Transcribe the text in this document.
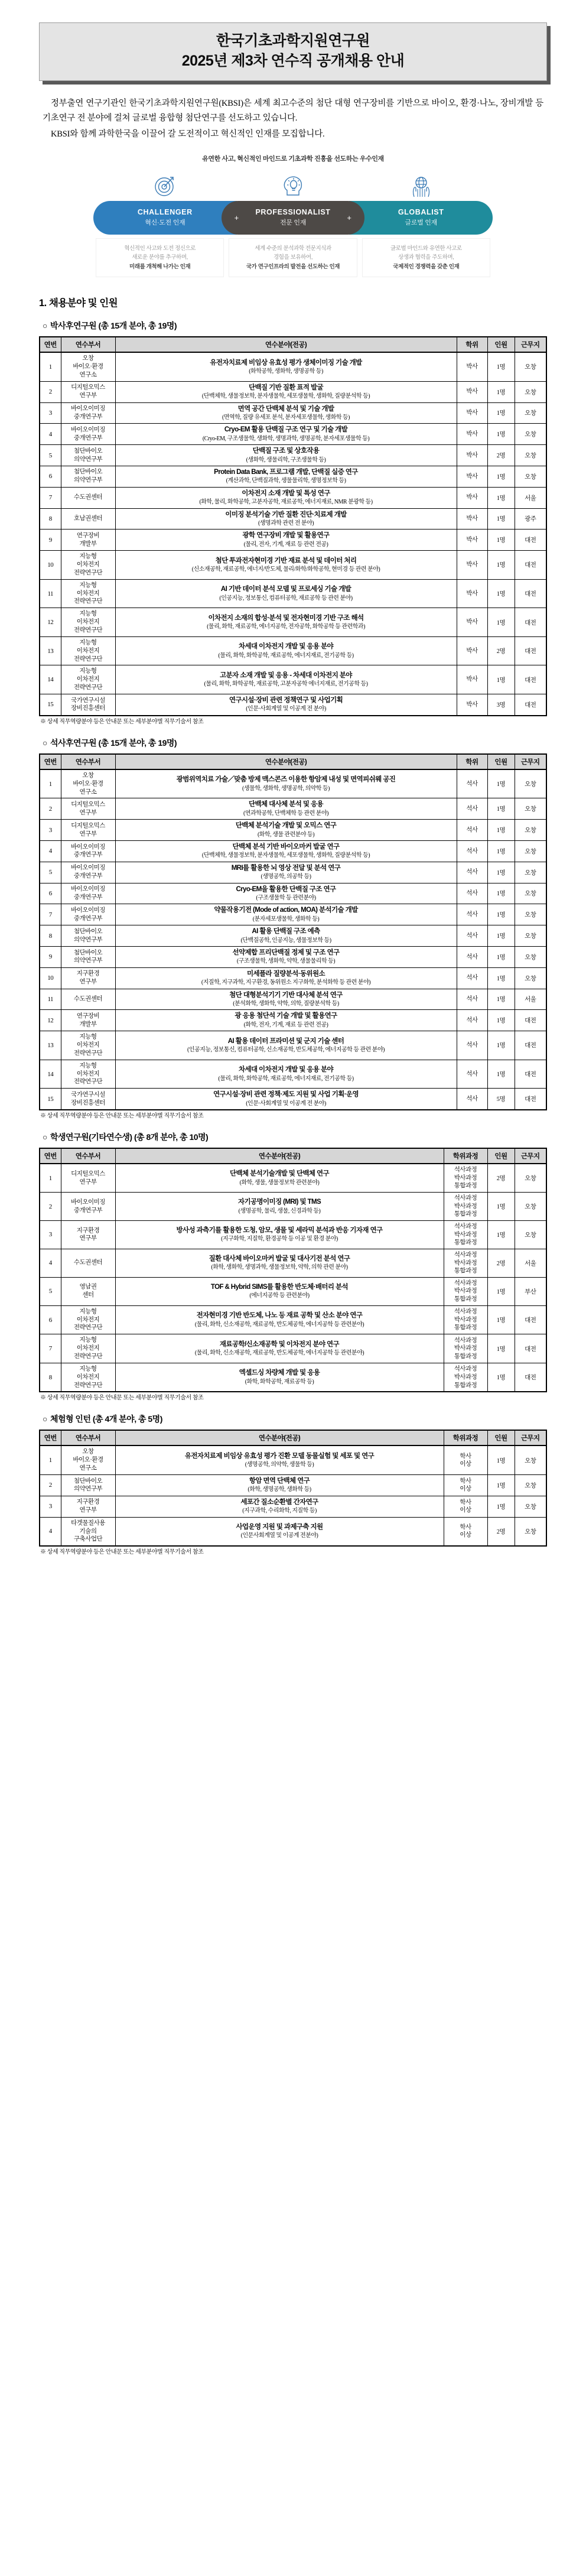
한국기초과학지원연구원
2025년 제3차 연수직 공개채용 안내

정부출연 연구기관인 한국기초과학지원연구원(KBSI)은 세계 최고수준의 첨단 대형 연구장비를 기반으로 바이오, 환경·나노, 장비개발 등 기초연구 전 분야에 걸쳐 글로벌 융합형 첨단연구를 선도하고 있습니다.

KBSI와 함께 과학한국을 이끌어 갈 도전적이고 혁신적인 인재를 모집합니다.

유연한 사고, 혁신적인 마인드로 기초과학 진흥을 선도하는 우수인재
CHALLENGER
혁신·도전 인재
+
PROFESSIONALIST
전문 인재
+
GLOBALIST
글로벌 인재
혁신적인 사고와 도전 정신으로
새로운 분야를 추구하며,
미래를 개척해 나가는 인재
세계 수준의 분석과학 전문지식과
경험을 보유하여,
국가 연구인프라의 발전을 선도하는 인재
글로벌 마인드와 유연한 사고로
상생과 협력을 주도하며,
국제적인 경쟁력을 갖춘 인재
1. 채용분야 및 인원
○ 박사후연구원 (총 15개 분야, 총 19명)
연번	연수부서	연수분야(전공)	학위	인원	근무지
1	오창
바이오·환경
연구소	
유전자치료제 비임상 유효성 평가 생체이미징 기술 개발
(화학공학, 생화학, 생명공학 등)
	박사	1명	오창
2	디지털오믹스
연구부	
단백질 기반 질환 표적 발굴
(단백체학, 생물정보학, 분자생물학, 세포생물학, 생화학, 질량분석학 등)
	박사	1명	오창
3	바이오이미징
중개연구부	
면역 공간 단백체 분석 및 기술 개발
(면역학, 질량 유세포 분석, 분자세포생물학, 생화학 등)
	박사	1명	오창
4	바이오이미징
중개연구부	
Cryo-EM 활용 단백질 구조 연구 및 기술 개발
(Cryo-EM, 구조생물학, 생화학, 생명과학, 생명공학, 분자세포생물학 등)
	박사	1명	오창
5	첨단바이오
의약연구부	
단백질 구조 및 상호작용
(생화학, 생물리학, 구조생물학 등)
	박사	2명	오창
6	첨단바이오
의약연구부	
Protein Data Bank, 프로그램 개발, 단백질 실증 연구
(계산과학, 단백질과학, 생물물리학, 생명정보학 등)
	박사	1명	오창
7	수도권센터	이차전지 소재 개발 및 특성 연구
(화학, 물리, 화학공학, 고분자공학, 재료공학, 에너지재료, NMR 분광학 등)	박사	1명	서울
8	호남권센터	이미징 분석기술 기반 질환 진단·치료제 개발
(생명과학 관련 전 분야)	박사	1명	광주
9	연구장비
개발부	
광학 연구장비 개발 및 활용연구
(물리, 전자, 기계, 재료 등 관련 전공)
	박사	1명	대전
10	지능형
이차전지
전략연구단	
첨단 투과전자현미경 기반 재료 분석 및 데이터 처리
(신소재공학, 재료공학, 에너지/반도체, 물리/화학/화학공학, 현미경 등 관련 분야)
	박사	1명	대전
11	지능형
이차전지
전략연구단	
AI 기반 데이터 분석 모델 및 프로세싱 기술 개발
(인공지능, 정보통신, 컴퓨터공학, 재료공학 등 관련 분야)
	박사	1명	대전
12	지능형
이차전지
전략연구단	
이차전지 소재의 합성·분석 및 전자현미경 기반 구조 해석
(물리, 화학, 재료공학, 에너지공학, 전자공학, 화학공학 등 관련학과)
	박사	1명	대전
13	지능형
이차전지
전략연구단	
차세대 이차전지 개발 및 응용 분야
(물리, 화학, 화학공학, 재료공학, 에너지재료, 전기공학 등)
	박사	2명	대전
14	지능형
이차전지
전략연구단	
고분자 소재 개발 및 응용 - 차세대 이차전지 분야
(물리, 화학, 화학공학, 재료공학, 고분자공학 에너지재료, 전기공학 등)
	박사	1명	대전
15	국가연구시설
장비진흥센터	
연구시설·장비 관련 정책연구 및 사업기획
(인문·사회계열 및 이공계 전 분야)
	박사	3명	대전
※ 상세 직무역량분야 등은 안내문 또는 세부분야별 직무기술서 참조
○ 석사후연구원 (총 15개 분야, 총 19명)
연번	연수부서	연수분야(전공)	학위	인원	근무지
1	오창
바이오·환경
연구소	
광범위역치료 가술／맞춤 방제 맥스콘즈 이용한 항암제 내성 및 면역피쉬웨 공진
(생물학, 생화학, 생명공학, 의약학 등)
	석사	1명	오창
2	디지털오믹스
연구부	
단백체 대사체 분석 및 응용
(연과학공학, 단백체학 등 관련 분야)
	석사	1명	오창
3	디지털오믹스
연구부	
단백체 분석기술 개발 및 오믹스 연구
(화학, 생물 관련분야 등)
	석사	1명	오창
4	바이오이미징
중개연구부	
단백체 분석 기반 바이오마커 발굴 연구
(단백체학, 생물정보학, 분자생물학, 세포생물학, 생화학, 질량분석학 등)
	석사	1명	오창
5	바이오이미징
중개연구부	
MRI를 활용한 뇌 영상 전달 및 분석 연구
(생명공학, 의공학 등)
	석사	1명	오창
6	바이오이미징
중개연구부	
Cryo-EM을 활용한 단백질 구조 연구
(구조생물학 등 관련분야)
	석사	1명	오창
7	바이오이미징
중개연구부	
약물작용기전 (Mode of action, MOA) 분석기술 개발
(분자세포생물학, 생화학 등)
	석사	1명	오창
8	첨단바이오
의약연구부	
AI 활용 단백질 구조 예측
(단백질공학, 인공지능, 생물정보학 등)
	석사	1명	오창
9	첨단바이오
의약연구부	
선약제합 프리단백질 정제 및 구조 연구
(구조생물학, 생화학, 약학, 생물물리학 등)
	석사	1명	오창
10	지구환경
연구부	
미세플라 질량분석·동위원소
(지질학, 지구과학, 지구환경, 동위원소 지구화학, 분석화학 등 관련 분야)
	석사	1명	오창
11	수도권센터	첨단 대형분석기기 기반 대사체 분석 연구
(분석화학, 생화학, 약학, 의학, 질량분석학 등)	석사	1명	서울
12	연구장비
개발부	
광 응용 첨단석 기술 개발 및 활용연구
(화학, 전자, 기계, 재료 등 관련 전공)
	석사	1명	대전
13	지능형
이차전지
전략연구단	
AI 활용 데이터 프라미션 및 군지 기술 센터
(인공지능, 정보통신, 컴퓨터공학, 신소재공학, 반도체공학, 에너지공학 등 관련 분야)
	석사	1명	대전
14	지능형
이차전지
전략연구단	
차세대 이차전지 개발 및 응용 분야
(물리, 화학, 화학공학, 재료공학, 에너지재료, 전기공학 등)
	석사	1명	대전
15	국가연구시설
장비진흥센터	
연구시설·장비 관련 정책·제도 지원 및 사업 기획·운영
(인문·사회계열 및 이공계 전 분야)
	석사	5명	대전
※ 상세 직무역량분야 등은 안내문 또는 세부분야별 직무기술서 참조
○ 학생연구원(기타연수생) (총 8개 분야, 총 10명)
연번	연수부서	연수분야(전공)	학위과정	인원	근무지
1	디지털오믹스
연구부	
단백체 분석기술개발 및 단백체 연구
(화학, 생물, 생물정보학 관련분야)
	석사과정
박사과정
통합과정	2명	오창
2	바이오이미징
중개연구부	
자기공명이미징 (MRI) 및 TMS
(생명공학, 물리, 생물, 신경과학 등)
	석사과정
박사과정
통합과정	1명	오창
3	지구환경
연구부	
방사성 과측기를 활용한 도청, 암모, 생물 및 세라믹 분석과 반응 기자재 연구
(지구화학, 지질학, 환경공학 등 이공 및 환경 분야)
	석사과정
박사과정
통합과정	1명	오창
4	수도권센터	
질환 대사체 바이오마커 발굴 및 대사기전 분석 연구
(화학, 생화학, 생명과학, 생물정보학, 약학, 의학 관련 분야)
	석사과정
박사과정
통합과정	2명	서울
5	영남권
센터	
TOF & Hybrid SIMS를 활용한 반도체·배터리 분석
(에너지공학 등 관련분야)
	석사과정
박사과정
통합과정	1명	부산
6	지능형
이차전지
전략연구단	
전자현미경 기반 반도체, 나노 등 재료 공학 및 산소 분야 연구
(물리, 화학, 신소재공학, 재료공학, 반도체공학, 에너지공학 등 관련분야)
	석사과정
박사과정
통합과정	1명	대전
7	지능형
이차전지
전략연구단	
재료공학/신소재공학 및 이차전지 분야 연구
(물리, 화학, 신소재공학, 재료공학, 반도체공학, 에너지공학 등 관련분야)
	석사과정
박사과정
통합과정	1명	대전
8	지능형
이차전지
전략연구단	
엑셀드싱 차량체 개발 및 응용
(화학, 화학공학, 재료공학 등)
	석사과정
박사과정
통합과정	1명	대전
※ 상세 직무역량분야 등은 안내문 또는 세부분야별 직무기술서 참조
○ 체험형 인턴 (총 4개 분야, 총 5명)
연번	연수부서	연수분야(전공)	학위과정	인원	근무지
1	오창
바이오·환경
연구소	
유전자치료제 비임상 유효성 평가 진환 모델 동물실험 및 세포 및 연구
(생명공학, 의약학, 생물학 등)
	학사
이상	1명	오창
2	첨단바이오
의약연구부	
항암 면역 단백체 연구
(화학, 생명공학, 생화학 등)
	학사
이상	1명	오창
3	지구환경
연구부	
세포간 질소순환별 간자연구
(지구과학, 수리화학, 지질학 등)
	학사
이상	1명	오창
4	타겟물질사용
기술의
구축사업단	
사업운영 지원 및 과제구축 지원
(인문사회계열 및 이공계 전분야)
	학사
이상	2명	오창
※ 상세 직무역량분야 등은 안내문 또는 세부분야별 직무기술서 참조
